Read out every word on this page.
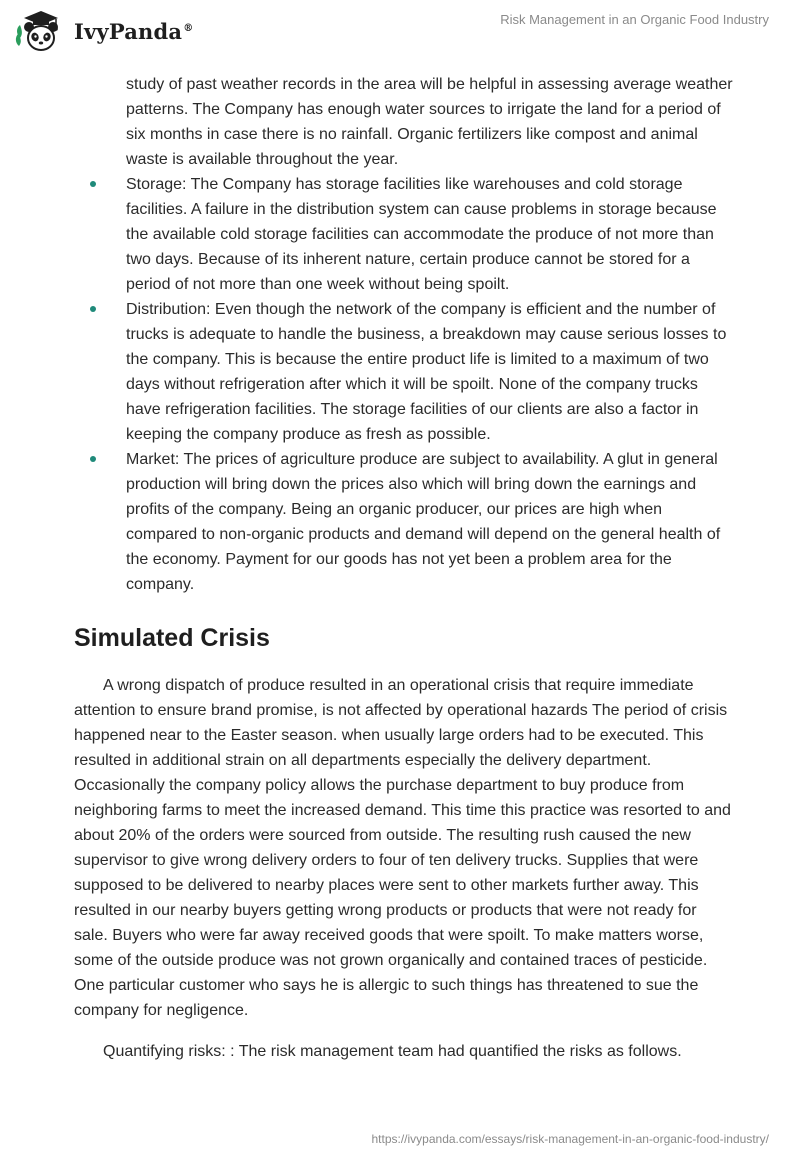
IvyPanda®
Risk Management in an Organic Food Industry
study of past weather records in the area will be helpful in assessing average weather patterns. The Company has enough water sources to irrigate the land for a period of six months in case there is no rainfall. Organic fertilizers like compost and animal waste is available throughout the year.
Storage: The Company has storage facilities like warehouses and cold storage facilities. A failure in the distribution system can cause problems in storage because the available cold storage facilities can accommodate the produce of not more than two days. Because of its inherent nature, certain produce cannot be stored for a period of not more than one week without being spoilt.
Distribution: Even though the network of the company is efficient and the number of trucks is adequate to handle the business, a breakdown may cause serious losses to the company. This is because the entire product life is limited to a maximum of two days without refrigeration after which it will be spoilt. None of the company trucks have refrigeration facilities. The storage facilities of our clients are also a factor in keeping the company produce as fresh as possible.
Market: The prices of agriculture produce are subject to availability. A glut in general production will bring down the prices also which will bring down the earnings and profits of the company. Being an organic producer, our prices are high when compared to non-organic products and demand will depend on the general health of the economy. Payment for our goods has not yet been a problem area for the company.
Simulated Crisis

A wrong dispatch of produce resulted in an operational crisis that require immediate attention to ensure brand promise, is not affected by operational hazards The period of crisis happened near to the Easter season. when usually large orders had to be executed. This resulted in additional strain on all departments especially the delivery department. Occasionally the company policy allows the purchase department to buy produce from neighboring farms to meet the increased demand. This time this practice was resorted to and about 20% of the orders were sourced from outside. The resulting rush caused the new supervisor to give wrong delivery orders to four of ten delivery trucks. Supplies that were supposed to be delivered to nearby places were sent to other markets further away. This resulted in our nearby buyers getting wrong products or products that were not ready for sale. Buyers who were far away received goods that were spoilt. To make matters worse, some of the outside produce was not grown organically and contained traces of pesticide. One particular customer who says he is allergic to such things has threatened to sue the company for negligence.

Quantifying risks: : The risk management team had quantified the risks as follows.

https://ivypanda.com/essays/risk-management-in-an-organic-food-industry/
